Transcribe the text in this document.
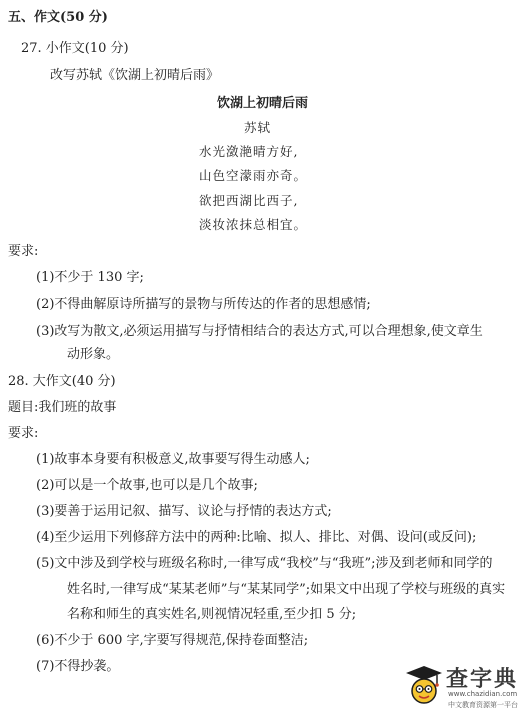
五、作文(50 分)
27. 小作文(10 分)
改写苏轼《饮湖上初晴后雨》
饮湖上初晴后雨
苏轼
水光潋滟晴方好,
山色空濛雨亦奇。
欲把西湖比西子,
淡妆浓抹总相宜。
要求:
(1)不少于 130 字;
(2)不得曲解原诗所描写的景物与所传达的作者的思想感情;
(3)改写为散文,必须运用描写与抒情相结合的表达方式,可以合理想象,使文章生
动形象。
28. 大作文(40 分)
题目:我们班的故事
要求:
(1)故事本身要有积极意义,故事要写得生动感人;
(2)可以是一个故事,也可以是几个故事;
(3)要善于运用记叙、描写、议论与抒情的表达方式;
(4)至少运用下列修辞方法中的两种:比喻、拟人、排比、对偶、设问(或反问);
(5)文中涉及到学校与班级名称时,一律写成“我校”与“我班”;涉及到老师和同学的
姓名时,一律写成“某某老师”与“某某同学”;如果文中出现了学校与班级的真实
名称和师生的真实姓名,则视情况轻重,至少扣 5 分;
(6)不少于 600 字,字要写得规范,保持卷面整洁;
(7)不得抄袭。
查字典
www.chazidian.com
中文教育资源第一平台
